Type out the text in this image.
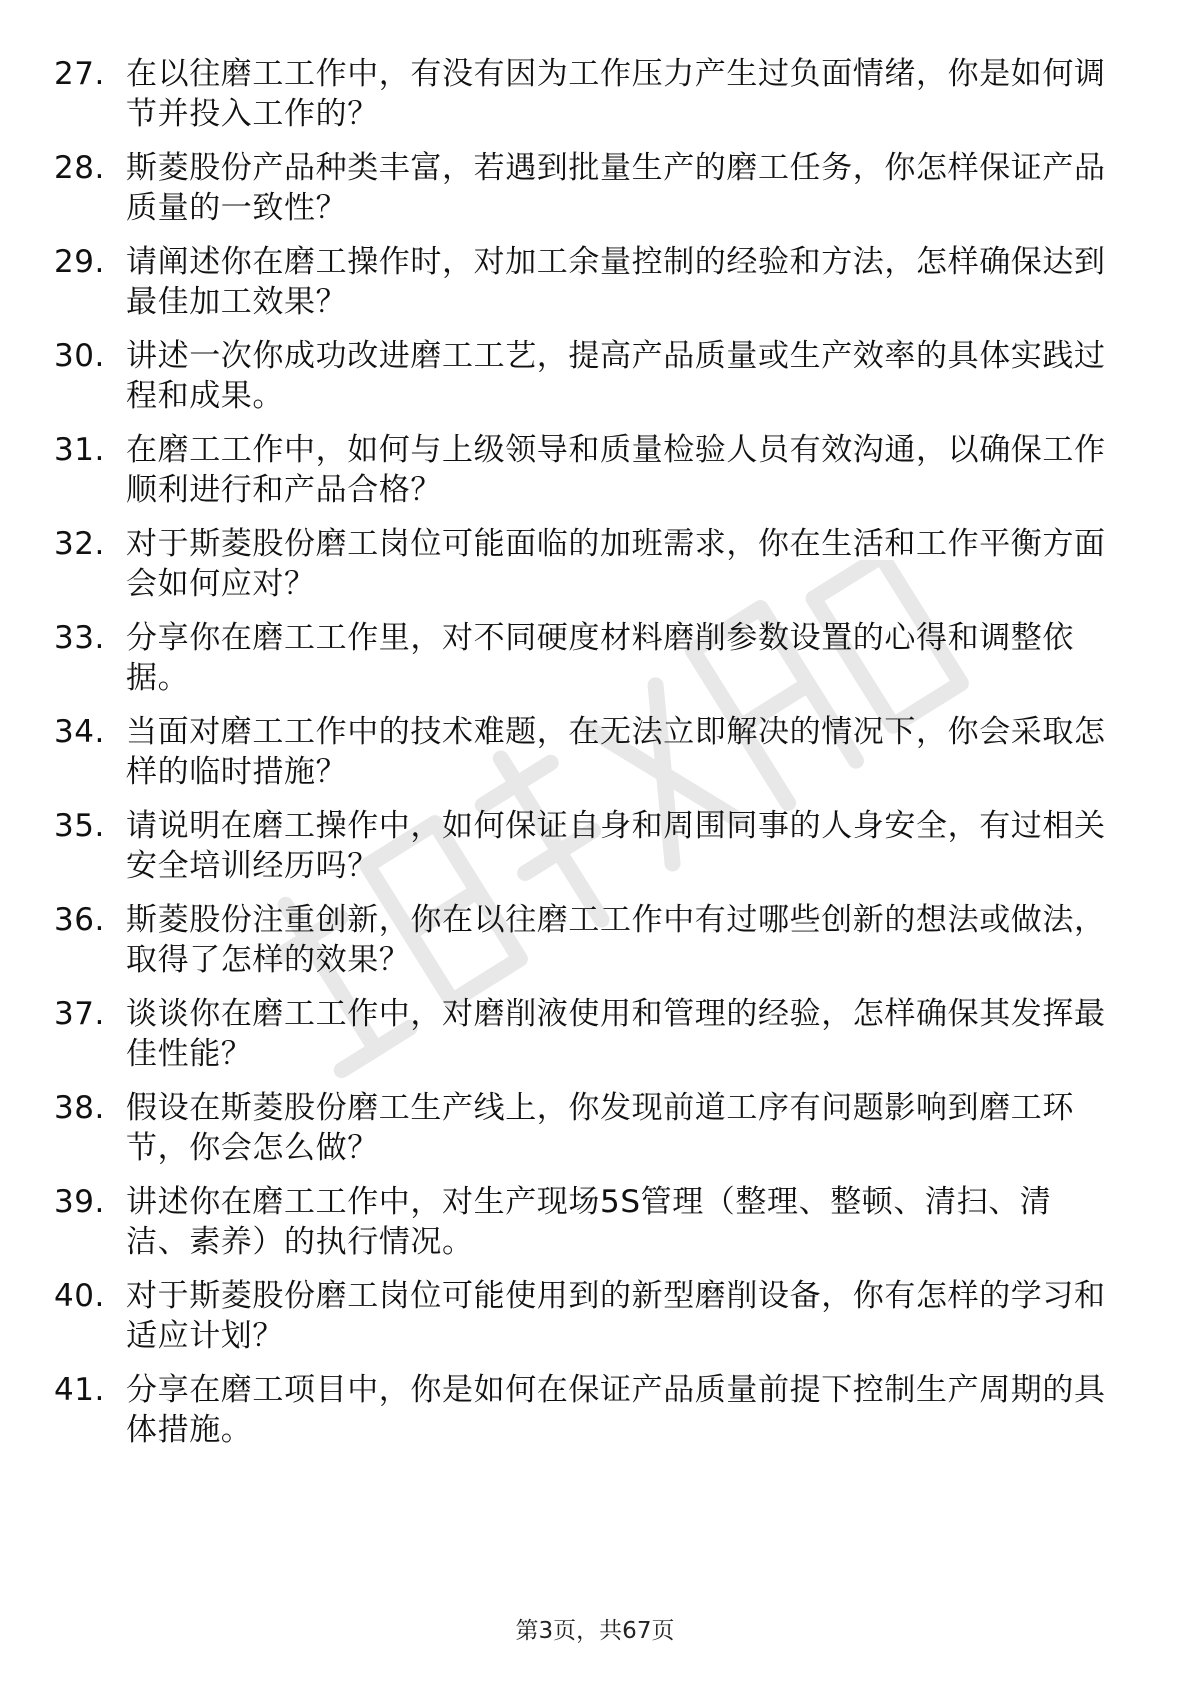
27. 在以往磨工工作中，有没有因为工作压力产生过负面情绪，你是如何调节并投入工作的？
28. 斯菱股份产品种类丰富，若遇到批量生产的磨工任务，你怎样保证产品质量的一致性？
29. 请阐述你在磨工操作时，对加工余量控制的经验和方法，怎样确保达到最佳加工效果？
30. 讲述一次你成功改进磨工工艺，提高产品质量或生产效率的具体实践过程和成果。
31. 在磨工工作中，如何与上级领导和质量检验人员有效沟通，以确保工作顺利进行和产品合格？
32. 对于斯菱股份磨工岗位可能面临的加班需求，你在生活和工作平衡方面会如何应对？
33. 分享你在磨工工作里，对不同硬度材料磨削参数设置的心得和调整依据。
34. 当面对磨工工作中的技术难题，在无法立即解决的情况下，你会采取怎样的临时措施？
35. 请说明在磨工操作中，如何保证自身和周围同事的人身安全，有过相关安全培训经历吗？
36. 斯菱股份注重创新，你在以往磨工工作中有过哪些创新的想法或做法，取得了怎样的效果？
37. 谈谈你在磨工工作中，对磨削液使用和管理的经验，怎样确保其发挥最佳性能？
38. 假设在斯菱股份磨工生产线上，你发现前道工序有问题影响到磨工环节，你会怎么做？
39. 讲述你在磨工工作中，对生产现场5S管理（整理、整顿、清扫、清洁、素养）的执行情况。
40. 对于斯菱股份磨工岗位可能使用到的新型磨削设备，你有怎样的学习和适应计划？
41. 分享在磨工项目中，你是如何在保证产品质量前提下控制生产周期的具体措施。
第3页，共67页
